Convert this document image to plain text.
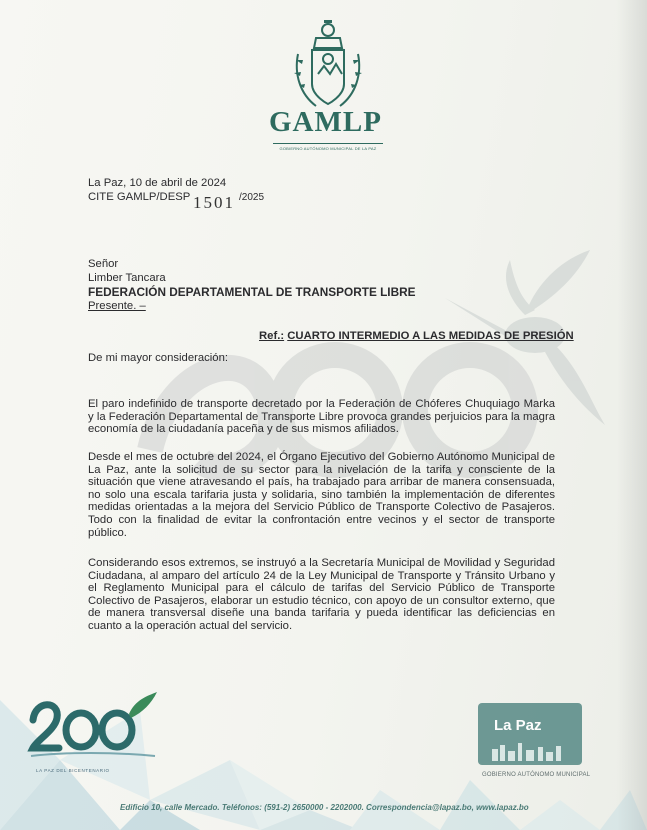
GAMLP
GOBIERNO AUTÓNOMO MUNICIPAL DE LA PAZ
La Paz, 10 de abril de 2024
CITE GAMLP/DESP 1501 /2025
Señor
Limber Tancara
FEDERACIÓN DEPARTAMENTAL DE TRANSPORTE LIBRE
Presente. –
Ref.: CUARTO INTERMEDIO A LAS MEDIDAS DE PRESIÓN
De mi mayor consideración:
El paro indefinido de transporte decretado por la Federación de Chóferes Chuquiago Marka y la Federación Departamental de Transporte Libre provoca grandes perjuicios para la magra economía de la ciudadanía paceña y de sus mismos afiliados.
Desde el mes de octubre del 2024, el Órgano Ejecutivo del Gobierno Autónomo Municipal de La Paz, ante la solicitud de su sector para la nivelación de la tarifa y consciente de la situación que viene atravesando el país, ha trabajado para arribar de manera consensuada, no solo una escala tarifaria justa y solidaria, sino también la implementación de diferentes medidas orientadas a la mejora del Servicio Público de Transporte Colectivo de Pasajeros. Todo con la finalidad de evitar la confrontación entre vecinos y el sector de transporte público.
Considerando esos extremos, se instruyó a la Secretaría Municipal de Movilidad y Seguridad Ciudadana, al amparo del artículo 24 de la Ley Municipal de Transporte y Tránsito Urbano y el Reglamento Municipal para el cálculo de tarifas del Servicio Público de Transporte Colectivo de Pasajeros, elaborar un estudio técnico, con apoyo de un consultor externo, que de manera transversal diseñe una banda tarifaria y pueda identificar las deficiencias en cuanto a la operación actual del servicio.
LA PAZ DEL BICENTENARIO
La Paz
GOBIERNO AUTÓNOMO MUNICIPAL
Edificio 10, calle Mercado. Teléfonos: (591-2) 2650000 - 2202000. Correspondencia@lapaz.bo, www.lapaz.bo
